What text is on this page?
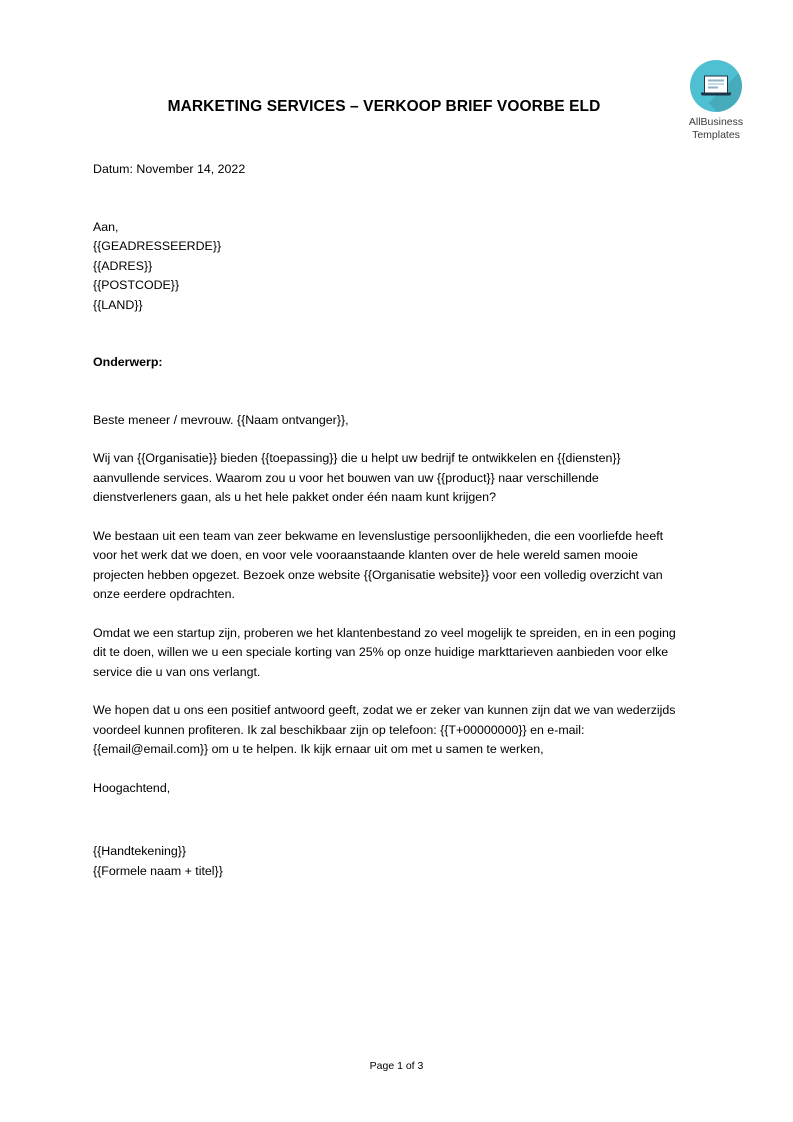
AllBusiness
Templates
MARKETING SERVICES – VERKOOP BRIEF VOORBE ELD
Datum: November 14, 2022
Aan,
{{GEADRESSEERDE}}
{{ADRES}}
{{POSTCODE}}
{{LAND}}
Onderwerp:
Beste meneer / mevrouw. {{Naam ontvanger}},

Wij van {{Organisatie}} bieden {{toepassing}} die u helpt uw bedrijf te ontwikkelen en {{diensten}} aanvullende services. Waarom zou u voor het bouwen van uw {{product}} naar verschillende dienstverleners gaan, als u het hele pakket onder één naam kunt krijgen?

We bestaan uit een team van zeer bekwame en levenslustige persoonlijkheden, die een voorliefde heeft voor het werk dat we doen, en voor vele vooraanstaande klanten over de hele wereld samen mooie projecten hebben opgezet. Bezoek onze website {{Organisatie website}} voor een volledig overzicht van onze eerdere opdrachten.

Omdat we een startup zijn, proberen we het klantenbestand zo veel mogelijk te spreiden, en in een poging dit te doen, willen we u een speciale korting van 25% op onze huidige markttarieven aanbieden voor elke service die u van ons verlangt.

We hopen dat u ons een positief antwoord geeft, zodat we er zeker van kunnen zijn dat we van wederzijds voordeel kunnen profiteren. Ik zal beschikbaar zijn op telefoon: {{T+00000000}} en e-mail: {{email@email.com}} om u te helpen. Ik kijk ernaar uit om met u samen te werken,

Hoogachtend,
{{Handtekening}}
{{Formele naam + titel}}
Page 1 of 3
